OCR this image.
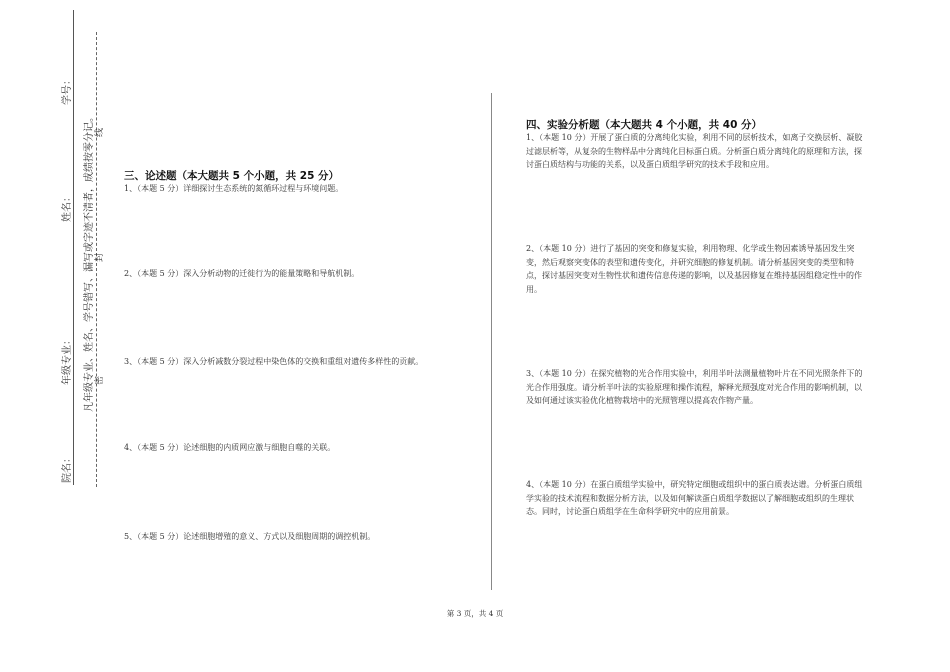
学号：
姓名：
年级专业：
院名：
凡年级专业、姓名、学号错写、漏写或字迹不清者，成绩按零分记。 密
封
线
三、论述题（本大题共 5 个小题，共 25 分）
1、（本题 5 分）详细探讨生态系统的氮循环过程与环境问题。
2、（本题 5 分）深入分析动物的迁徙行为的能量策略和导航机制。
3、（本题 5 分）深入分析减数分裂过程中染色体的交换和重组对遗传多样性的贡献。
4、（本题 5 分）论述细胞的内质网应激与细胞自噬的关联。
5、（本题 5 分）论述细胞增殖的意义、方式以及细胞周期的调控机制。
四、实验分析题（本大题共 4 个小题，共 40 分）
1、（本题 10 分）开展了蛋白质的分离纯化实验，利用不同的层析技术，如离子交换层析、凝胶过滤层析等，从复杂的生物样品中分离纯化目标蛋白质。分析蛋白质分离纯化的原理和方法，探讨蛋白质结构与功能的关系，以及蛋白质组学研究的技术手段和应用。
2、（本题 10 分）进行了基因的突变和修复实验，利用物理、化学或生物因素诱导基因发生突变，然后观察突变体的表型和遗传变化，并研究细胞的修复机制。请分析基因突变的类型和特点，探讨基因突变对生物性状和遗传信息传递的影响，以及基因修复在维持基因组稳定性中的作用。
3、（本题 10 分）在探究植物的光合作用实验中，利用半叶法测量植物叶片在不同光照条件下的光合作用强度。请分析半叶法的实验原理和操作流程，解释光照强度对光合作用的影响机制，以及如何通过该实验优化植物栽培中的光照管理以提高农作物产量。
4、（本题 10 分）在蛋白质组学实验中，研究特定细胞或组织中的蛋白质表达谱。分析蛋白质组学实验的技术流程和数据分析方法，以及如何解读蛋白质组学数据以了解细胞或组织的生理状态。同时，讨论蛋白质组学在生命科学研究中的应用前景。
第 3 页，共 4 页
